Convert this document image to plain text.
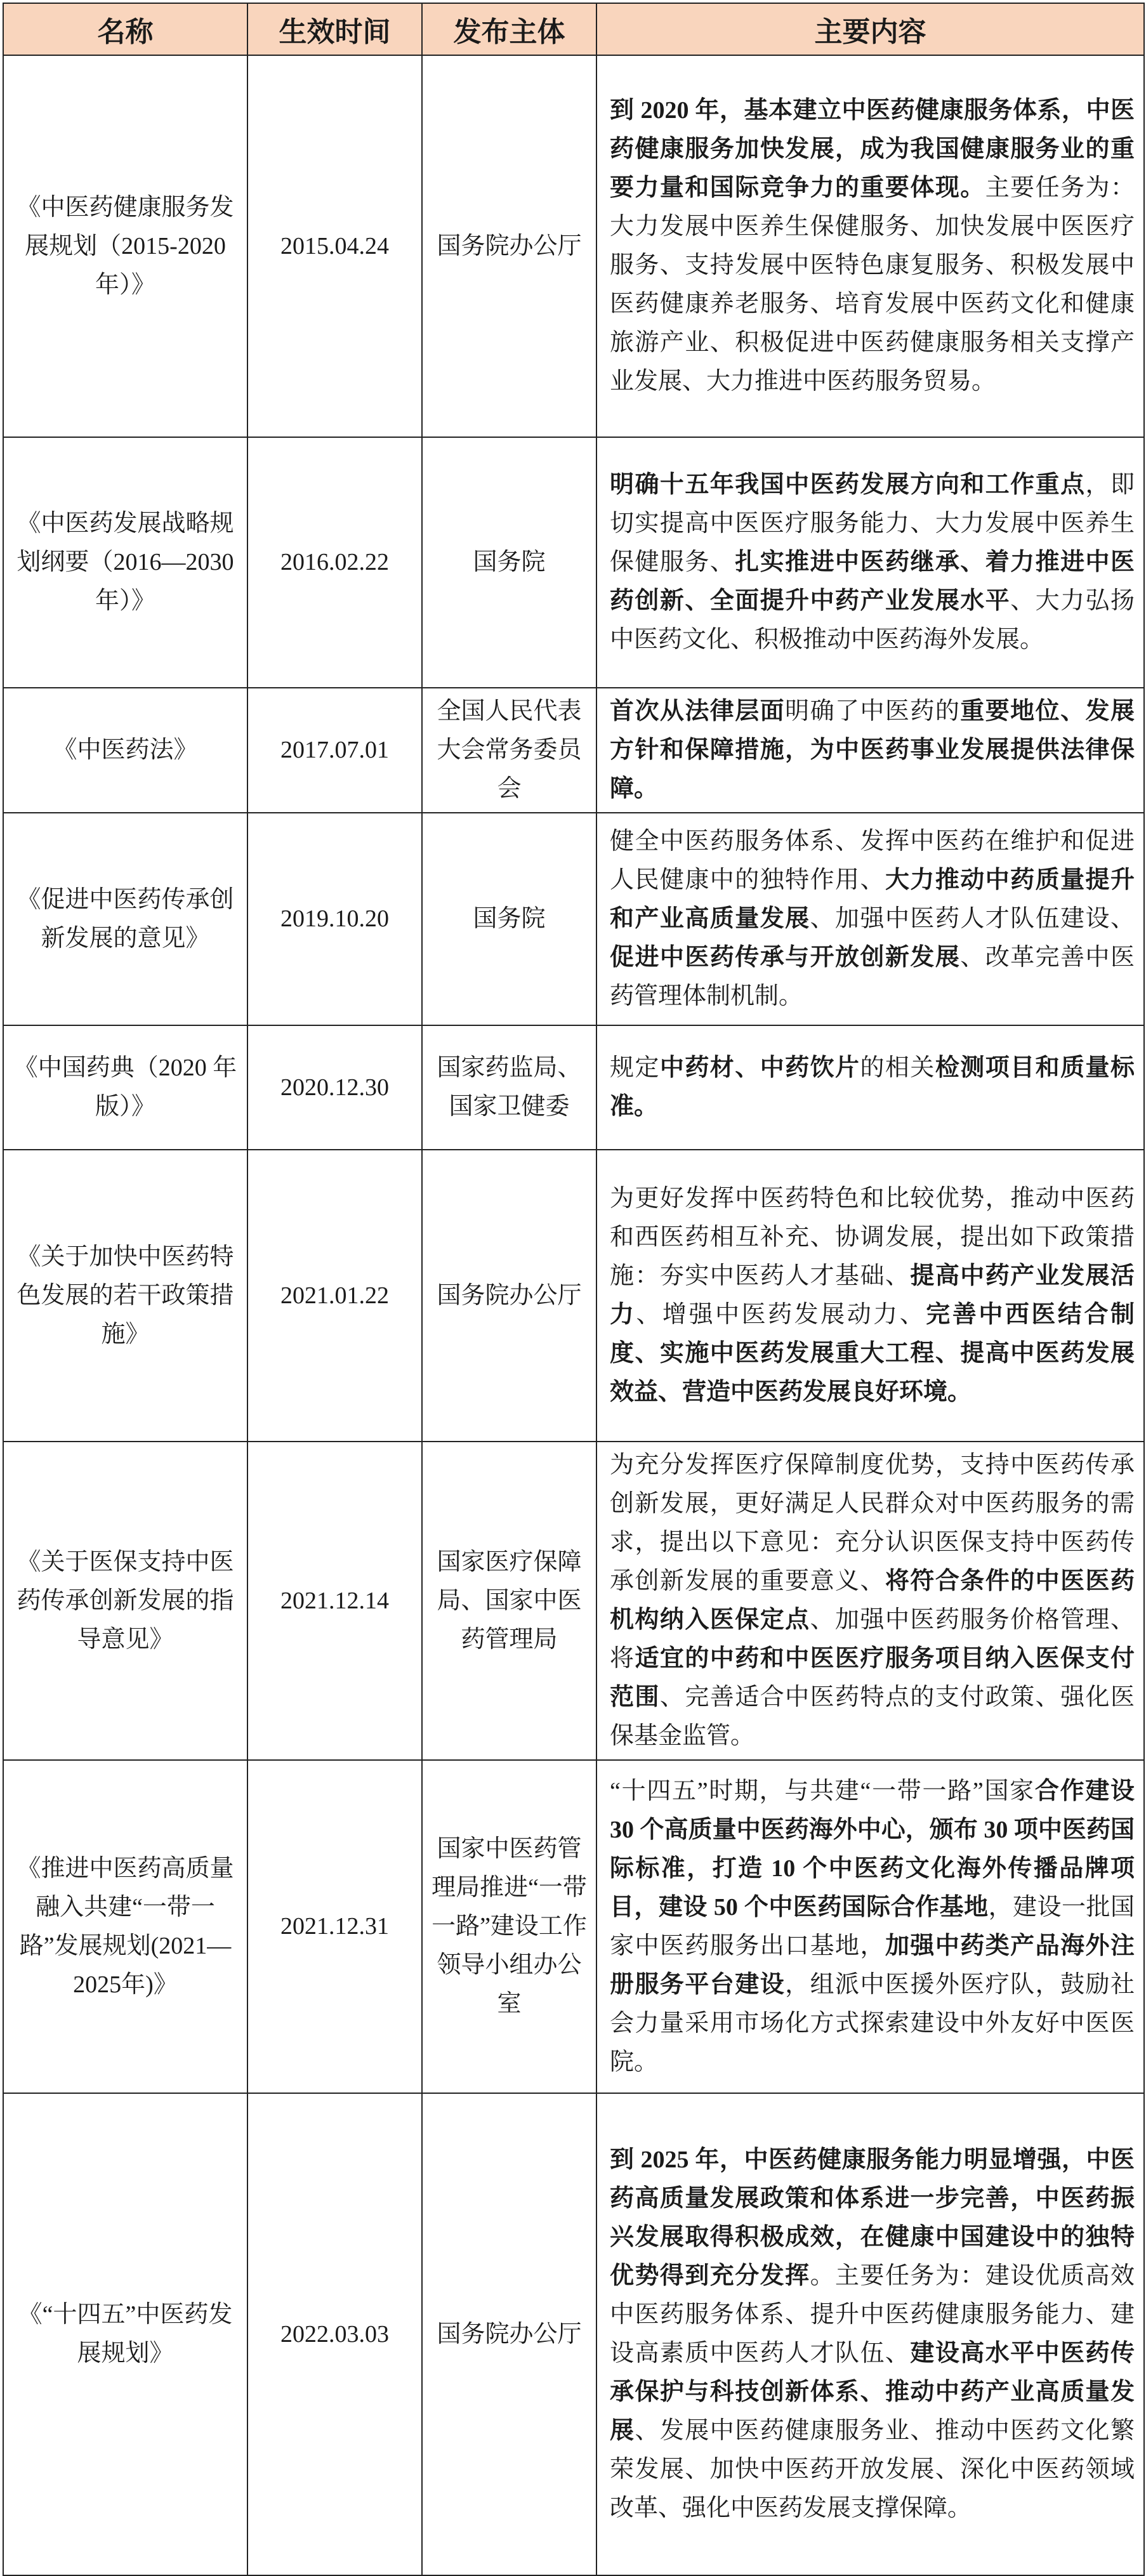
名称	生效时间	发布主体	主要内容
《中医药健康服务发展规划（2015-2020年）》	2015.04.24	国务院办公厅	到 2020 年，基本建立中医药健康服务体系，中医药健康服务加快发展，成为我国健康服务业的重要力量和国际竞争力的重要体现。主要任务为：大力发展中医养生保健服务、加快发展中医医疗服务、支持发展中医特色康复服务、积极发展中医药健康养老服务、培育发展中医药文化和健康旅游产业、积极促进中医药健康服务相关支撑产业发展、大力推进中医药服务贸易。
《中医药发展战略规划纲要（2016—2030年）》	2016.02.22	国务院	明确十五年我国中医药发展方向和工作重点，即切实提高中医医疗服务能力、大力发展中医养生保健服务、扎实推进中医药继承、着力推进中医药创新、全面提升中药产业发展水平、大力弘扬中医药文化、积极推动中医药海外发展。
《中医药法》	2017.07.01	全国人民代表大会常务委员会	首次从法律层面明确了中医药的重要地位、发展方针和保障措施，为中医药事业发展提供法律保障。
《促进中医药传承创新发展的意见》	2019.10.20	国务院	健全中医药服务体系、发挥中医药在维护和促进人民健康中的独特作用、大力推动中药质量提升和产业高质量发展、加强中医药人才队伍建设、促进中医药传承与开放创新发展、改革完善中医药管理体制机制。
《中国药典（2020 年版）》	2020.12.30	国家药监局、国家卫健委	规定中药材、中药饮片的相关检测项目和质量标准。
《关于加快中医药特色发展的若干政策措施》	2021.01.22	国务院办公厅	为更好发挥中医药特色和比较优势，推动中医药和西医药相互补充、协调发展，提出如下政策措施：夯实中医药人才基础、提高中药产业发展活力、增强中医药发展动力、完善中西医结合制度、实施中医药发展重大工程、提高中医药发展效益、营造中医药发展良好环境。
《关于医保支持中医药传承创新发展的指导意见》	2021.12.14	国家医疗保障局、国家中医药管理局	为充分发挥医疗保障制度优势，支持中医药传承创新发展，更好满足人民群众对中医药服务的需求，提出以下意见：充分认识医保支持中医药传承创新发展的重要意义、将符合条件的中医医药机构纳入医保定点、加强中医药服务价格管理、将适宜的中药和中医医疗服务项目纳入医保支付范围、完善适合中医药特点的支付政策、强化医保基金监管。
《推进中医药高质量融入共建“一带一路”发展规划(2021—2025年)》	2021.12.31	国家中医药管理局推进“一带一路”建设工作领导小组办公室	“十四五”时期，与共建“一带一路”国家合作建设 30 个高质量中医药海外中心，颁布 30 项中医药国际标准，打造 10 个中医药文化海外传播品牌项目，建设 50 个中医药国际合作基地，建设一批国家中医药服务出口基地，加强中药类产品海外注册服务平台建设，组派中医援外医疗队，鼓励社会力量采用市场化方式探索建设中外友好中医医院。
《“十四五”中医药发展规划》	2022.03.03	国务院办公厅	到 2025 年，中医药健康服务能力明显增强，中医药高质量发展政策和体系进一步完善，中医药振兴发展取得积极成效，在健康中国建设中的独特优势得到充分发挥。主要任务为：建设优质高效中医药服务体系、提升中医药健康服务能力、建设高素质中医药人才队伍、建设高水平中医药传承保护与科技创新体系、推动中药产业高质量发展、发展中医药健康服务业、推动中医药文化繁荣发展、加快中医药开放发展、深化中医药领域改革、强化中医药发展支撑保障。
